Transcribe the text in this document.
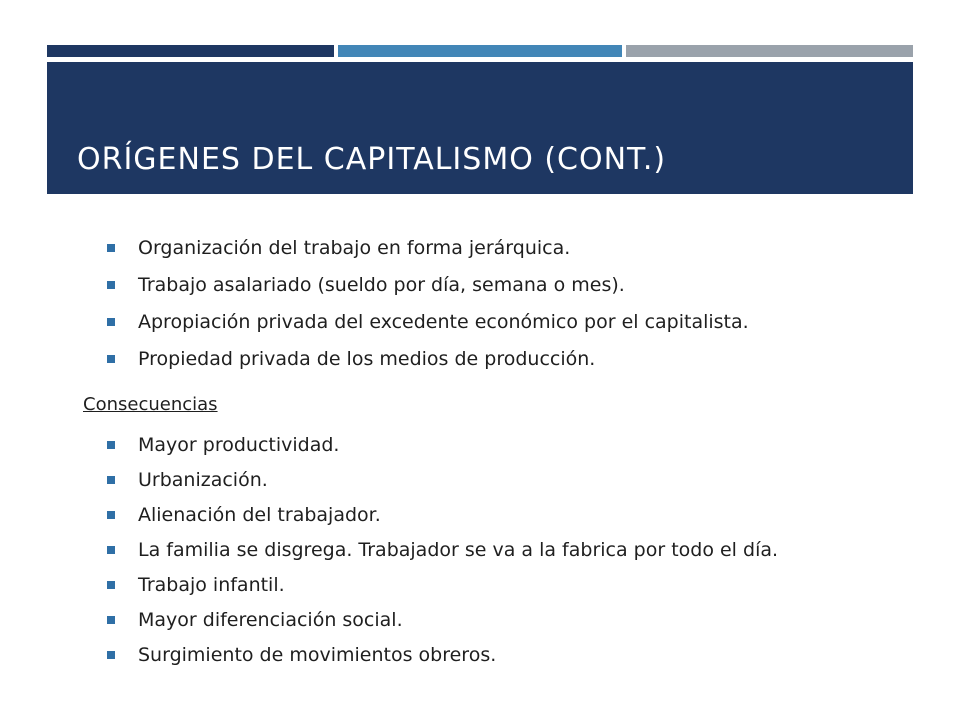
ORÍGENES DEL CAPITALISMO (CONT.)
Organización del trabajo en forma jerárquica.
Trabajo asalariado (sueldo por día, semana o mes).
Apropiación privada del excedente económico por el capitalista.
Propiedad privada de los medios de producción.
Consecuencias
Mayor productividad.
Urbanización.
Alienación del trabajador.
La familia se disgrega. Trabajador se va a la fabrica por todo el día.
Trabajo infantil.
Mayor diferenciación social.
Surgimiento de movimientos obreros.
